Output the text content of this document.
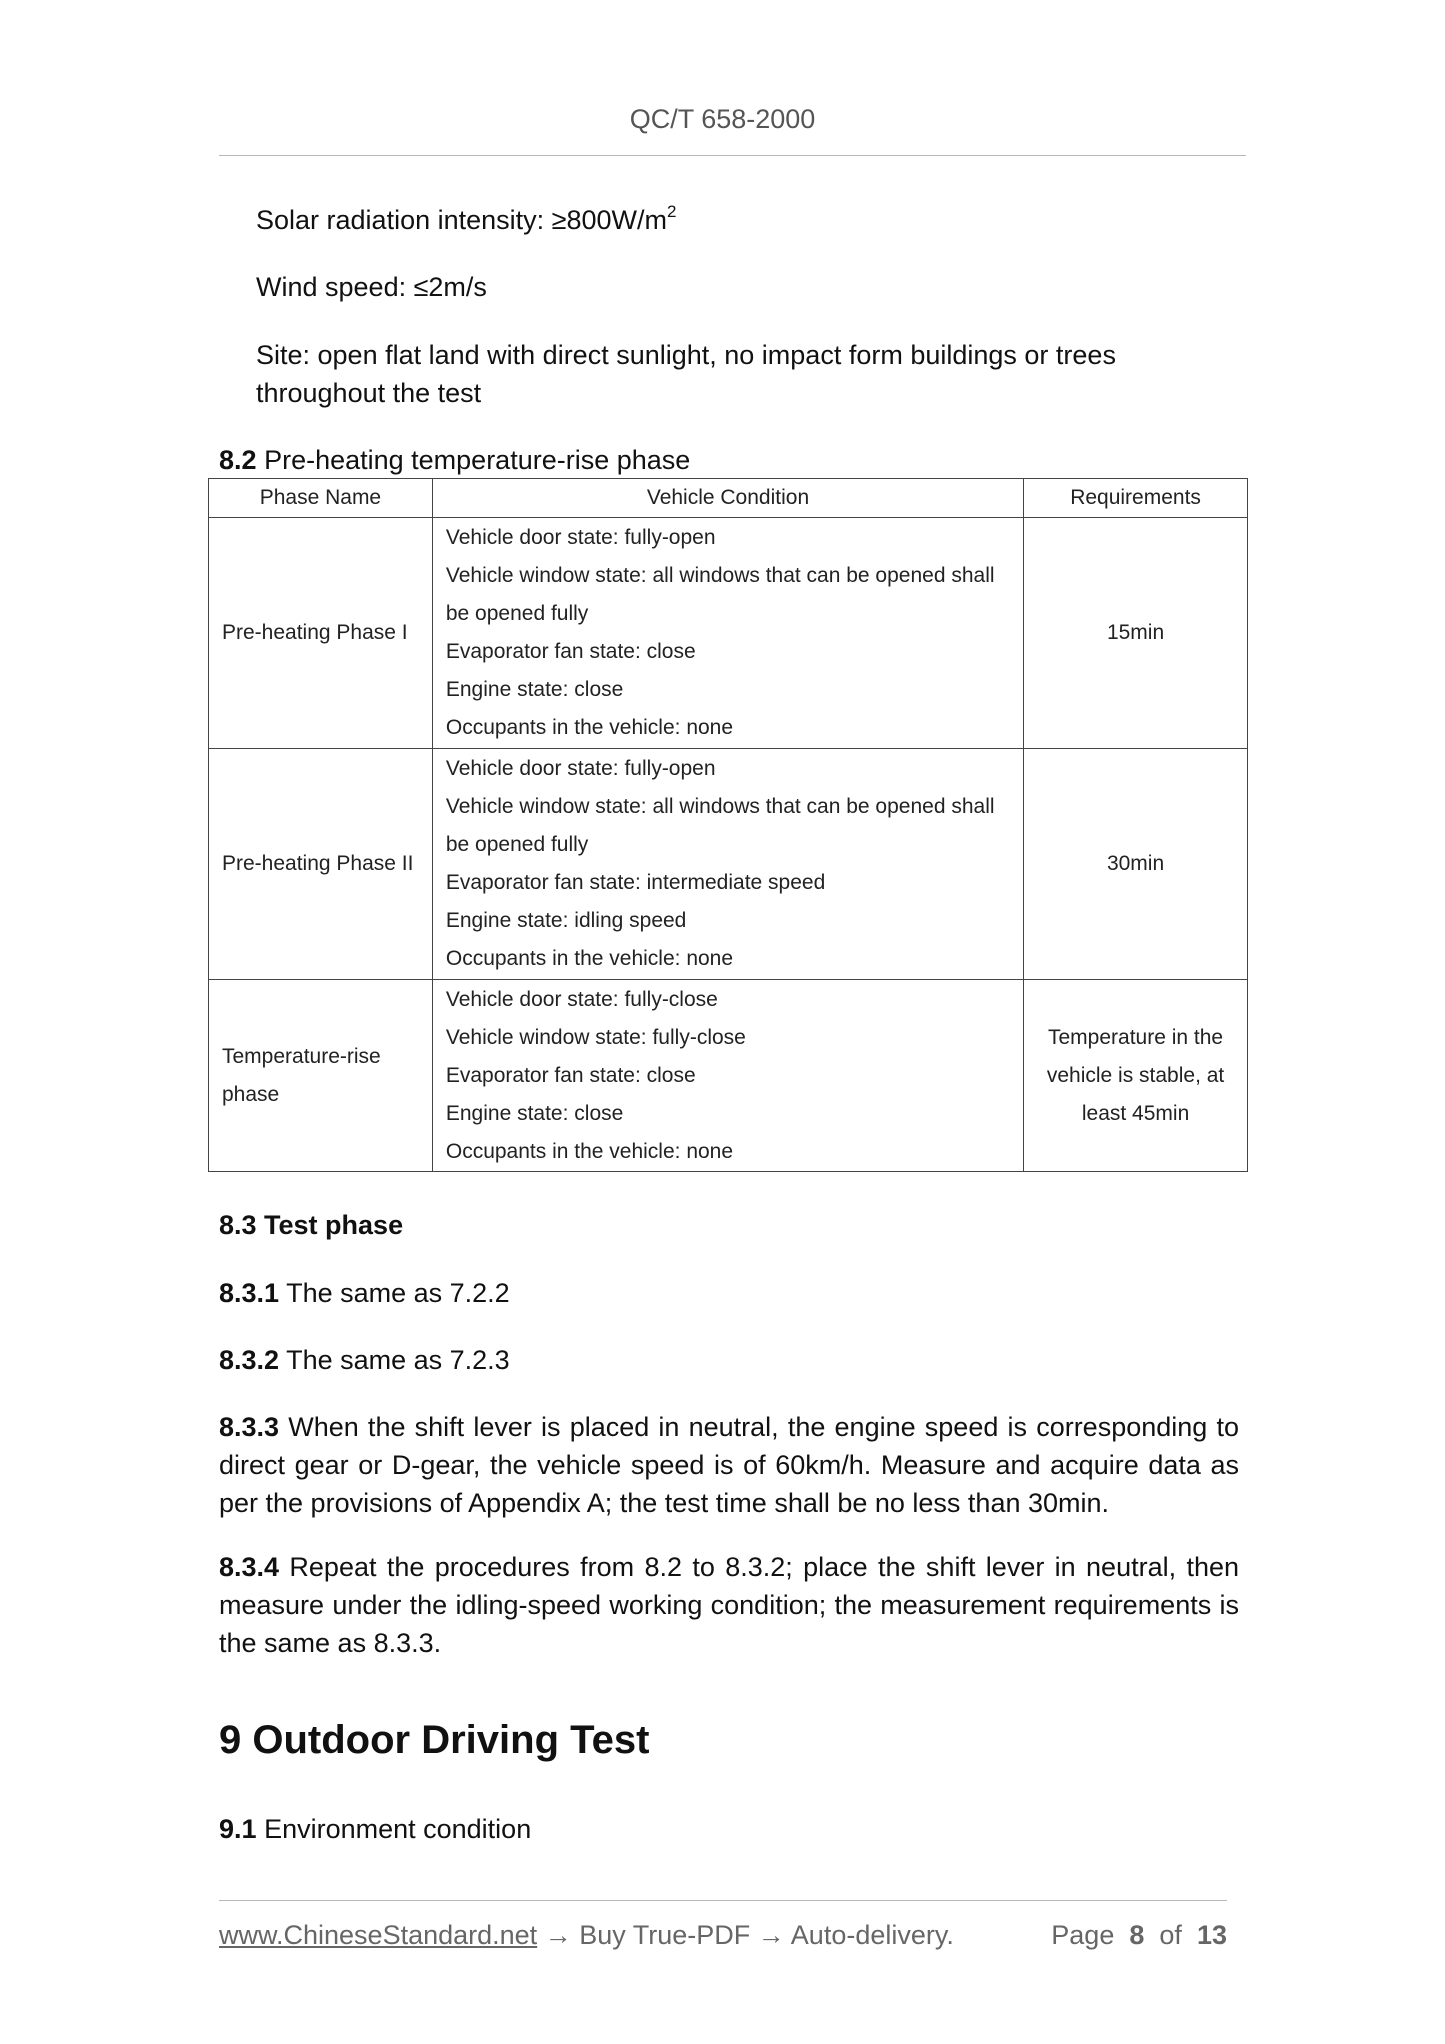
QC/T 658-2000
Solar radiation intensity: $\ge 800W/m^2$
Wind speed: ≤2m/s
Site: open flat land with direct sunlight, no impact form buildings or trees throughout the test
8.2 Pre-heating temperature-rise phase
Phase Name	Vehicle Condition	Requirements
Pre-heating Phase I	Vehicle door state: fully-open
Vehicle window state: all windows that can be opened shall be opened fully
Evaporator fan state: close
Engine state: close
Occupants in the vehicle: none	15min
Pre-heating Phase II	Vehicle door state: fully-open
Vehicle window state: all windows that can be opened shall be opened fully
Evaporator fan state: intermediate speed
Engine state: idling speed
Occupants in the vehicle: none	30min
Temperature-rise phase	Vehicle door state: fully-close
Vehicle window state: fully-close
Evaporator fan state: close
Engine state: close
Occupants in the vehicle: none	Temperature in the vehicle is stable, at least 45min
8.3 Test phase
8.3.1 The same as 7.2.2
8.3.2 The same as 7.2.3
8.3.3 When the shift lever is placed in neutral, the engine speed is corresponding to direct gear or D-gear, the vehicle speed is of 60km/h. Measure and acquire data as per the provisions of Appendix A; the test time shall be no less than 30min.
8.3.4 Repeat the procedures from 8.2 to 8.3.2; place the shift lever in neutral, then measure under the idling-speed working condition; the measurement requirements is the same as 8.3.3.
9 Outdoor Driving Test
9.1 Environment condition
www.ChineseStandard.net → Buy True-PDF → Auto-delivery.	Page 8 of 13
